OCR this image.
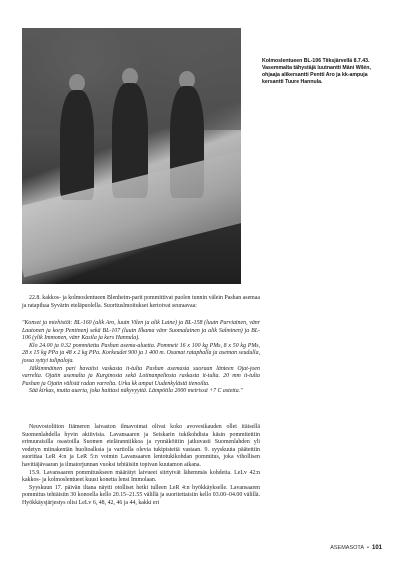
Kolmoslentueen BL-106 Tiiksjärvellä 8.7.43. Vasemmalta tähystäjä luutnantti Mäni Wilén, ohjaaja alikersantti Pentti Aro ja kk-ampuja kersantti Tuure Hannula.

22.8. kakkos- ja kolmoslentueen Blenheim-parit pommittivat puolen tunnin välein Pashan asemaa ja ratapihaa Syvärin eteläpuolella. Suorituslmoitukset kertoivat seuraavaa:

"Konset ja miehistöt: BL-160 (alik Aro, luutn Vilen ja alik Laine) ja BL-158 (luutn Parviainen, vänr Lautonen ja korp Pentinen) sekä BL-107 (luutn Ilkama vänr Suomalainen ja alik Salminen) ja BL-106 (ylik Immonen, vänr Kasila ja kers Hannula).

Klo 24.00 ja 0.32 pommitettu Pashan asema-aluetta. Pommeit 16 x 100 kg PMs, 8 x 50 kg PMs, 28 x 15 kg PPa ja 48 x 2 kg PPa. Korkeudet 900 ja 1 400 m. Osumat rataphalla ja aseman seudulla, jossa syttyi tulipaloja.

Jälkimmäinen pari havaitsi vaskasta it-tulta Pashan asemasta suoraan länteen Ojat-joen varrelta. Ojatin asemalta ja Kurginosta sekä Lotinanpeltosta raskasta it-tulta. 20 mm it-tulta Pashan ja Ojatin välistä radan varrelta. Urku kk ampui Uudenkylästä tienoilta.

Sää kirkas, mutta auerta, joka haittasi näkyvyyttä. Lämpötila 2000 metrissä +7 C astetta."

Neuvostoliiton Itämeren laivaston ilmavoimat olivat koko avovesikauden ollet itäisellä Suomenlahdella hyvin aktiivisia. Lavansaaren ja Seiskarin tukikohdista käsin pommitettiin erinuuraisilla osastoilla Suomen eteläranniikkoa ja rynnäköitiin jatkuvasti Suomenlahden yli vedetyn miinakentän huoltoalksia ja vartiolla olevia tukipisteitä vastaan. 9. syyskuuta päätettiin suorittaa LeR 4:n ja LeR 5:n voimin Lavansaaren lentotukikohdan pommitus, joka vihollisen havittäjävaaran ja ilmatorjunnan vuoksi tehtäisiin topivan kuutamon aikana.

15.9. Lavansaaren pommituskseen määrätyt laivueet siirtyivät lähemmäs kohdetta. LeLv 42:n kakkos- ja kolmoslentueet kuusi konetta lensi Immolaan.

Syyskuun 17. päivän iltana näytti otolliset hetki tulleen LeR 4:n hyökkäykselle. Lavansaaren pommitus tehtäisiin 30 konoella kello 20.15–21.55 välillä ja suoritettaisiin kello 03.00–04.00 välillä. Hyökkäysjärjestys olisi LeLv 6, 48, 42, 46 ja 44, kakki eri

ASEMASOTA • 101
